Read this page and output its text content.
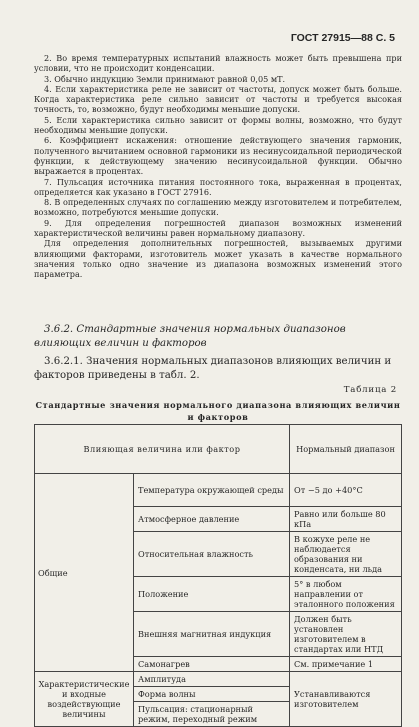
ГОСТ 27915—88 С. 5

2. Во время температурных испытаний влажность может быть превышена при условии, что не происходит конденсации.

3. Обычно индукцию Земли принимают равной 0,05 мТ.

4. Если характеристика реле не зависит от частоты, допуск может быть больше. Когда характеристика реле сильно зависит от частоты и требуется высокая точность, то, возможно, будут необходимы меньшие допуски.

5. Если характеристика сильно зависит от формы волны, возможно, что будут необходимы меньшие допуски.

6. Коэффициент искажения: отношение действующего значения гармоник, полученного вычитанием основной гармоники из несинусоидальной периодической функции, к действующему значению несинусоидальной функции. Обычно выражается в процентах.

7. Пульсация источника питания постоянного тока, выраженная в процентах, определяется как указано в ГОСТ 27916.

8. В определенных случаях по соглашению между изготовителем и потребителем, возможно, потребуются меньшие допуски.

9. Для определения погрешностей диапазон возможных изменений характеристической величины равен нормальному диапазону.

Для определения дополнительных погрешностей, вызываемых другими влияющими факторами, изготовитель может указать в качестве нормального значения только одно значение из диапазона возможных изменений этого параметра.

3.6.2. Стандартные значения нормальных диапазонов влияющих величин и факторов

3.6.2.1. Значения нормальных диапазонов влияющих величин и факторов приведены в табл. 2.

Таблица 2
Стандартные значения нормального диапазона влияющих величин и факторов
Влияющая величина или фактор		Нормальный диапазон
Общие	Температура окружающей среды	От −5 до +40°С
	Атмосферное давление	Равно или больше 80 кПа
	Относительная влажность	В кожухе реле не наблюдается образования ни конденсата, ни льда
	Положение	5° в любом направлении от эталонного положения
	Внешняя магнитная индукция	Должен быть установлен изготовителем в стандартах или НТД
	Самонагрев	См. примечание 1
Характеристические и входные воздействующие величины	Амплитуда	Устанавливаются изготовителем
	Форма волны	
	Пульсация: стационарный режим, переходный режим	
